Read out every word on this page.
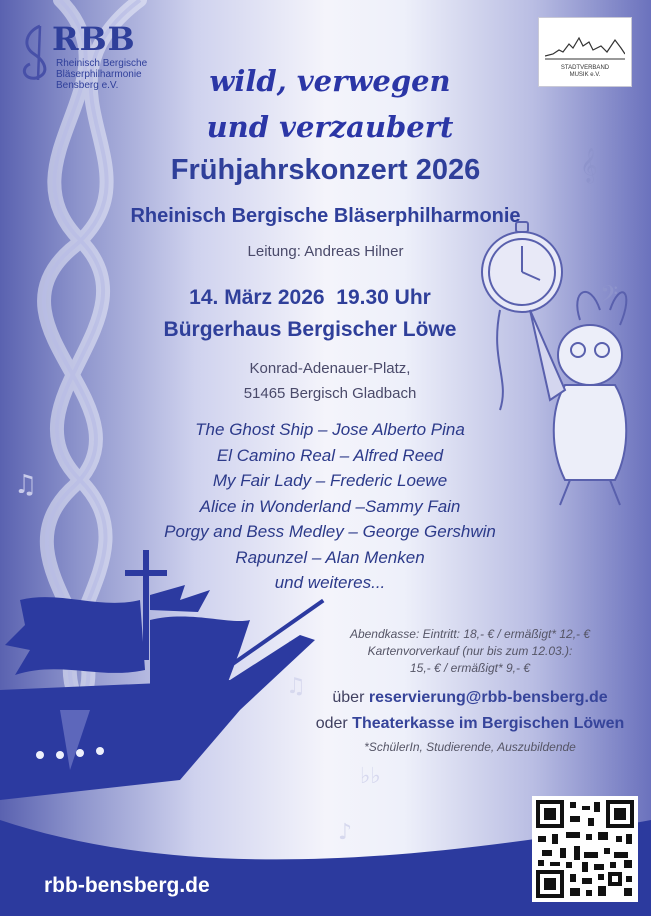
RBB
Rheinisch Bergische
Bläserphilharmonie
Bensberg e.V.
STADTVERBAND
MUSIK e.V.
wild, verwegen
und verzaubert
Frühjahrskonzert 2026
Rheinisch Bergische Bläserphilharmonie
Leitung: Andreas Hilner
14. März 2026  19.30 Uhr
Bürgerhaus Bergischer Löwe
Konrad-Adenauer-Platz,
51465 Bergisch Gladbach
The Ghost Ship – Jose Alberto Pina
El Camino Real – Alfred Reed
My Fair Lady – Frederic Loewe
Alice in Wonderland –Sammy Fain
Porgy and Bess Medley – George Gershwin
Rapunzel – Alan Menken
und weiteres...
𝄞
𝄢
♫
♭♭
♪
♫
Abendkasse: Eintritt: 18,- € / ermäßigt* 12,- €
Kartenvorverkauf (nur bis zum 12.03.):
15,- € / ermäßigt* 9,- €
über reservierung@rbb-bensberg.de
oder Theaterkasse im Bergischen Löwen
*SchülerIn, Studierende, Auszubildende
rbb-bensberg.de
